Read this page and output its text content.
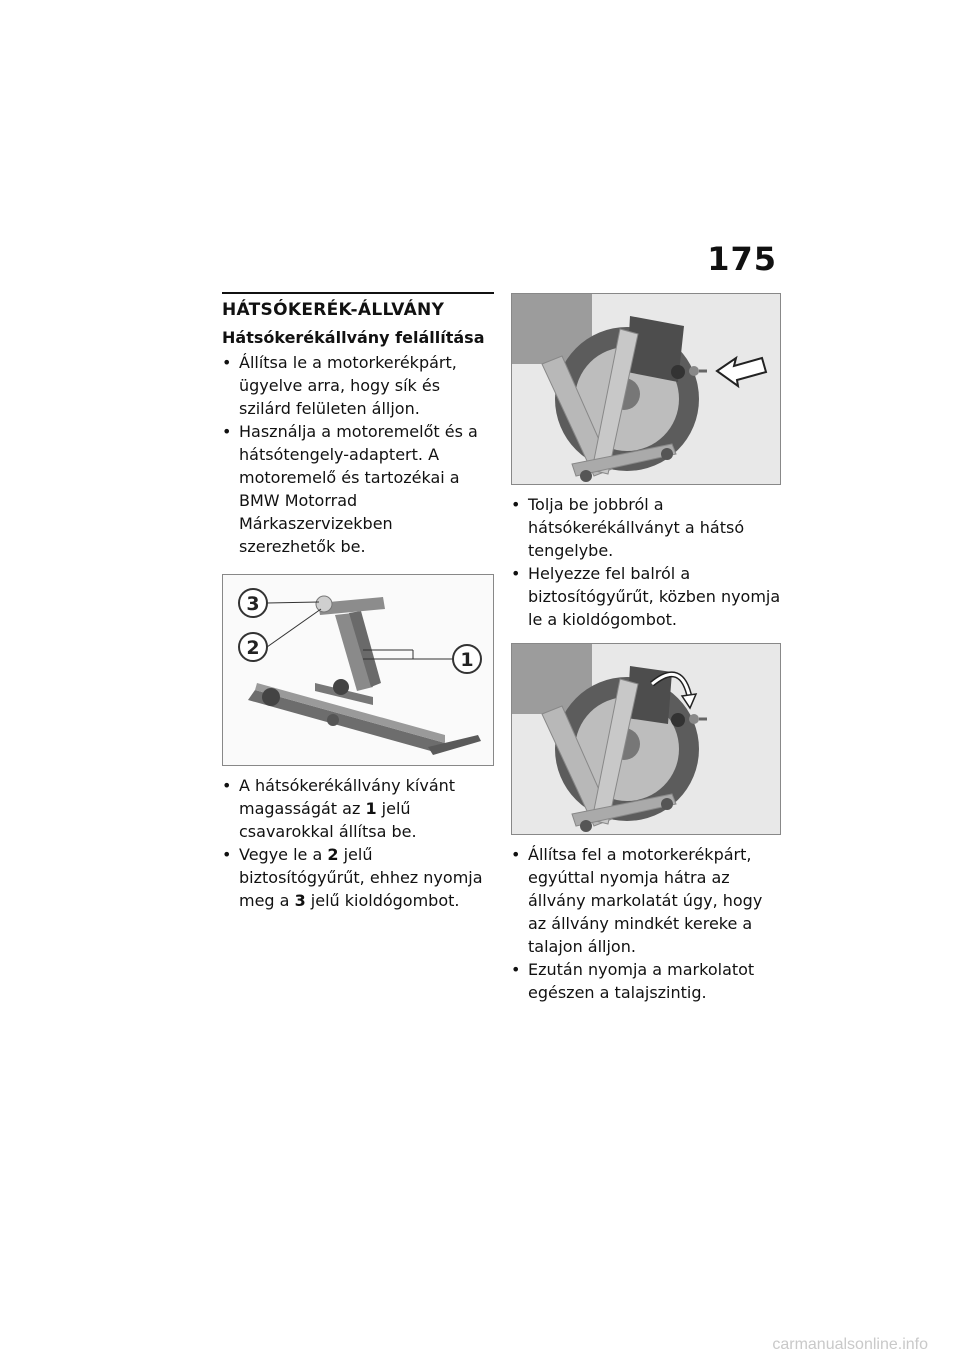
175
HÁTSÓKERÉK-ÁLLVÁNY
Hátsókerékállvány felállítása
• Állítsa le a motorkerékpárt, ügyelve arra, hogy sík és szilárd felületen álljon.
• Használja a motoremelőt és a hátsótengely-adaptert. A motoremelő és tartozékai a BMW Motorrad Márkaszervizekben szerezhetők be.
3
2
1
• A hátsókerékállvány kívánt magasságát az 1 jelű csavarokkal állítsa be.
• Vegye le a 2 jelű biztosítógyűrűt, ehhez nyomja meg a 3 jelű kioldógombot.
• Tolja be jobbról a hátsókerékállványt a hátsó tengelybe.
• Helyezze fel balról a biztosítógyűrűt, közben nyomja le a kioldógombot.
• Állítsa fel a motorkerékpárt, egyúttal nyomja hátra az állvány markolatát úgy, hogy az állvány mindkét kereke a talajon álljon.
• Ezután nyomja a markolatot egészen a talajszintig.
carmanualsonline.info
